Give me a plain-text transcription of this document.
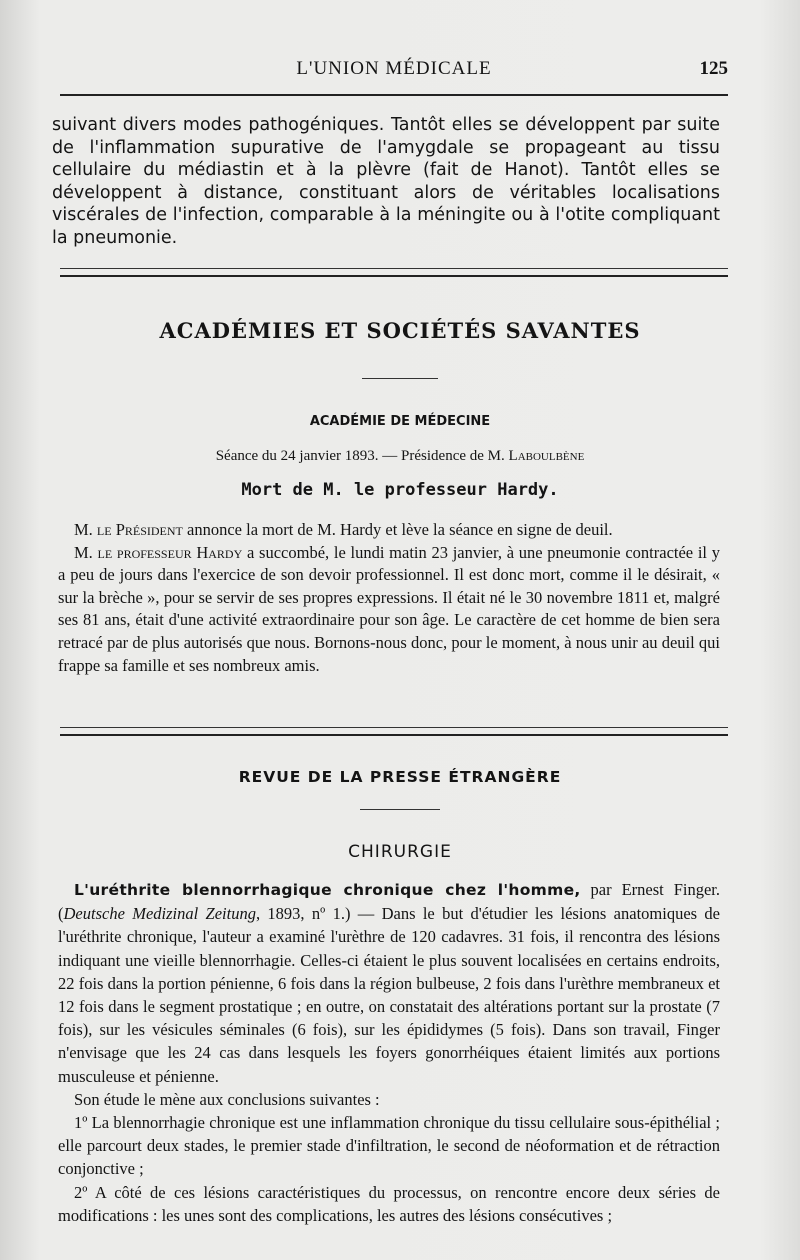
L'UNION MÉDICALE	125

suivant divers modes pathogéniques. Tantôt elles se développent par suite de l'inflammation supurative de l'amygdale se propageant au tissu cellulaire du médiastin et à la plèvre (fait de Hanot). Tantôt elles se développent à distance, constituant alors de véritables localisations viscérales de l'infection, comparable à la méningite ou à l'otite compliquant la pneumonie.

ACADÉMIES ET SOCIÉTÉS SAVANTES
ACADÉMIE DE MÉDECINE
Séance du 24 janvier 1893. — Présidence de M. Laboulbène
Mort de M. le professeur Hardy.

M. le Président annonce la mort de M. Hardy et lève la séance en signe de deuil.

M. le professeur Hardy a succombé, le lundi matin 23 janvier, à une pneumonie contractée il y a peu de jours dans l'exercice de son devoir professionnel. Il est donc mort, comme il le désirait, « sur la brèche », pour se servir de ses propres expressions. Il était né le 30 novembre 1811 et, malgré ses 81 ans, était d'une activité extraordinaire pour son âge. Le caractère de cet homme de bien sera retracé par de plus autorisés que nous. Bornons-nous donc, pour le moment, à nous unir au deuil qui frappe sa famille et ses nombreux amis.

REVUE DE LA PRESSE ÉTRANGÈRE
CHIRURGIE

L'uréthrite blennorrhagique chronique chez l'homme, par Ernest Finger. (Deutsche Medizinal Zeitung, 1893, nº 1.) — Dans le but d'étudier les lésions anatomiques de l'uréthrite chronique, l'auteur a examiné l'urèthre de 120 cadavres. 31 fois, il rencontra des lésions indiquant une vieille blennorrhagie. Celles-ci étaient le plus souvent localisées en certains endroits, 22 fois dans la portion pénienne, 6 fois dans la région bulbeuse, 2 fois dans l'urèthre membraneux et 12 fois dans le segment prostatique ; en outre, on constatait des altérations portant sur la prostate (7 fois), sur les vésicules séminales (6 fois), sur les épididymes (5 fois). Dans son travail, Finger n'envisage que les 24 cas dans lesquels les foyers gonorrhéiques étaient limités aux portions musculeuse et pénienne.

Son étude le mène aux conclusions suivantes :

1º La blennorrhagie chronique est une inflammation chronique du tissu cellulaire sous-épithélial ; elle parcourt deux stades, le premier stade d'infiltration, le second de néoformation et de rétraction conjonctive ;

2º A côté de ces lésions caractéristiques du processus, on rencontre encore deux séries de modifications : les unes sont des complications, les autres des lésions consécutives ;
